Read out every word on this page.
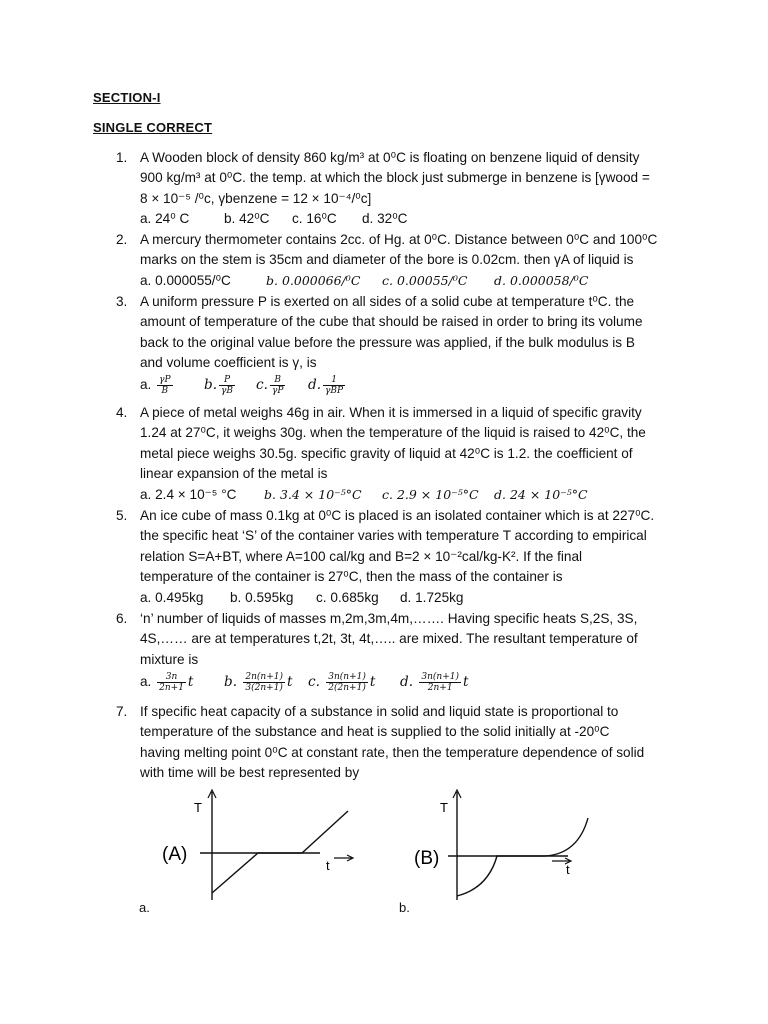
SECTION-I
SINGLE CORRECT
1. A Wooden block of density 860 kg/m³ at 0⁰C is floating on benzene liquid of density

900 kg/m³ at 0⁰C. the temp. at which the block just submerge in benzene is [γwood =

8 × 10⁻⁵ /⁰c, γbenzene = 12 × 10⁻⁴/⁰c]

a. 24⁰ C	b. 42⁰C c. 16⁰C d. 32⁰C

2. A mercury thermometer contains 2cc. of Hg. at 0⁰C. Distance between 0⁰C and 100⁰C

marks on the stem is 35cm and diameter of the bore is 0.02cm. then γA of liquid is

a. 0.000055/⁰C	b. 0.000066/⁰C c. 0.00055/⁰C d. 0.000058/⁰C

3. A uniform pressure P is exerted on all sides of a solid cube at temperature t⁰C. the

amount of temperature of the cube that should be raised in order to bring its volume

back to the original value before the pressure was applied, if the bulk modulus is B

and volume coefficient is γ, is

a. $\frac{\gamma P}{B} b$. $\frac{P}{\gamma B} c$. $\frac{B}{\gamma P} d$. $\frac{1}{\text{γBP}}$

4. A piece of metal weighs 46g in air. When it is immersed in a liquid of specific gravity

1.24 at 27⁰C, it weighs 30g. when the temperature of the liquid is raised to 42⁰C, the

metal piece weighs 30.5g. specific gravity of liquid at 42⁰C is 1.2. the coefficient of

linear expansion of the metal is

a. 2.4 × 10⁻⁵ °C b. 3.4 × 10⁻⁵°C c. 2.9 × 10⁻⁵°C d. 24 × 10⁻⁵°C

5. An ice cube of mass 0.1kg at 0⁰C is placed is an isolated container which is at 227⁰C.

the specific heat ‘S’ of the container varies with temperature T according to empirical

relation S=A+BT, where A=100 cal/kg and B=2 × 10⁻²cal/kg-K². If the final

temperature of the container is 27⁰C, then the mass of the container is

a. 0.495kg b. 0.595kg c. 0.685kg d. 1.725kg

6. ‘n’ number of liquids of masses m,2m,3m,4m,……. Having specific heats S,2S, 3S,

4S,…… are at temperatures t,2t, 3t, 4t,….. are mixed. The resultant temperature of

mixture is

a. $\frac{3n}{2n+1}$ t b. $\frac{2n(n+1)}{3(2n+1)}$ t c. $\frac{3n(n+1)}{2(2n+1)}$ t d. $\frac{3n(n+1)}{2n+1}$ t

7. If specific heat capacity of a substance in solid and liquid state is proportional to

temperature of the substance and heat is supplied to the solid initially at -20⁰C

having melting point 0⁰C at constant rate, then the temperature dependence of solid

with time will be best represented by

T
(A)
t
T
(B)
t
a.	b.
